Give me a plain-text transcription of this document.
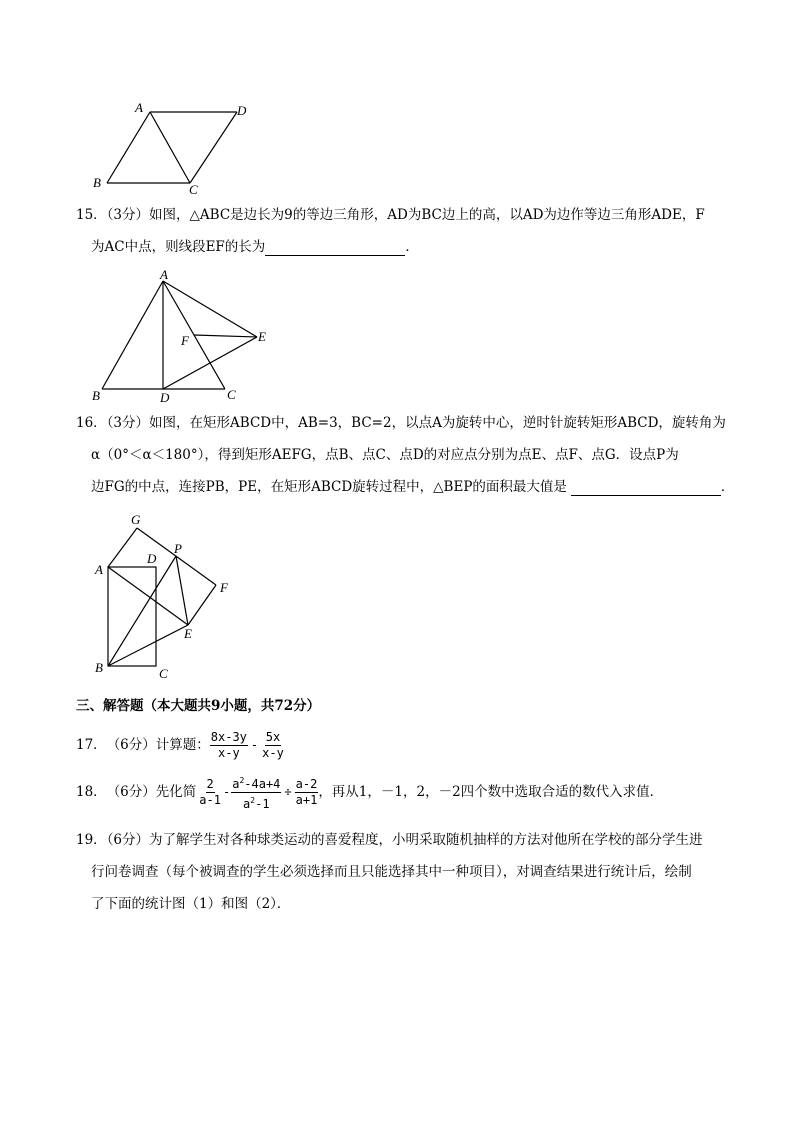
A	D
B	C
15．（3分）如图，△ABC是边长为9的等边三角形，AD为BC边上的高，以AD为边作等边三角形ADE，F
为AC中点，则线段EF的长为	．
A
B	C
D
E
F
16．（3分）如图，在矩形ABCD中，AB=3，BC=2，以点A为旋转中心，逆时针旋转矩形ABCD，旋转角为
α（0°＜α＜180°），得到矩形AEFG，点B、点C、点D的对应点分别为点E、点F、点G．设点P为
边FG的中点，连接PB，PE，在矩形ABCD旋转过程中，△BEP的面积最大值是	．
A
B	C
D
E
F
G
P
三、解答题（本大题共9小题，共72分）
17． （6分） 计算题： $\frac{8x-3y}{x-y} - \frac{5x}{x-y}$
18． （6分） 先化简 $\frac{2}{a-1} - \frac{a^2-4a+4}{a^2-1} \div \frac{a-2}{a+1}$ ，再从1，－1，2，－2四个数中选取合适的数代入求值．
19．（6分）为了解学生对各种球类运动的喜爱程度，小明采取随机抽样的方法对他所在学校的部分学生进
行问卷调查（每个被调查的学生必须选择而且只能选择其中一种项目），对调查结果进行统计后，绘制
了下面的统计图（1）和图（2）．
